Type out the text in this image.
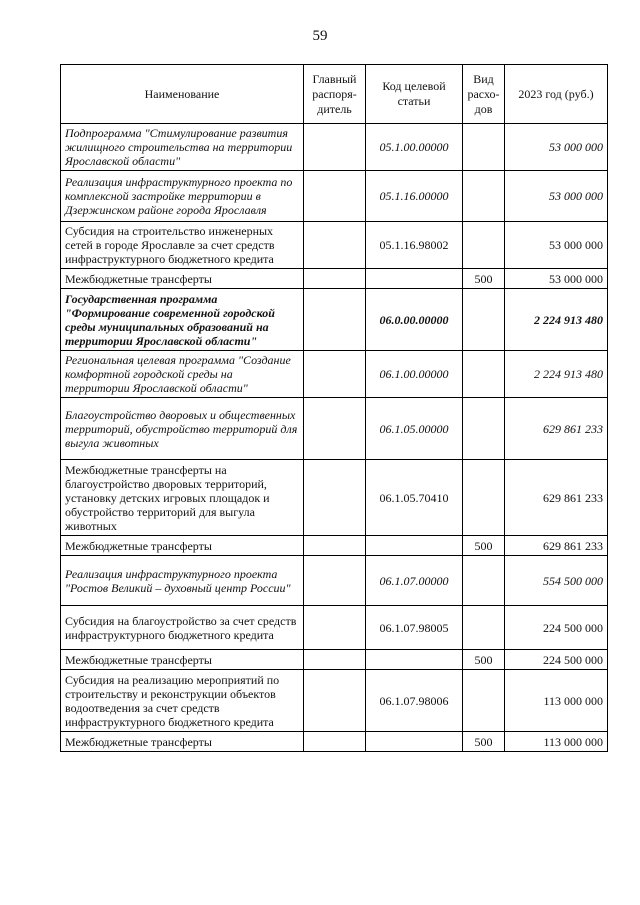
59
Наименование	Главный распоря-дитель	Код целевой статьи	Вид расхо-дов	2023 год (руб.)
Подпрограмма "Стимулирование развития жилищного строительства на территории Ярославской области"		05.1.00.00000		53 000 000
Реализация инфраструктурного проекта по комплексной застройке территории в Дзержинском районе города Ярославля		05.1.16.00000		53 000 000
Субсидия на строительство инженерных сетей в городе Ярославле за счет средств инфраструктурного бюджетного кредита		05.1.16.98002		53 000 000
Межбюджетные трансферты			500	53 000 000
Государственная программа "Формирование современной городской среды муниципальных образований на территории Ярославской области"		06.0.00.00000		2 224 913 480
Региональная целевая программа "Создание комфортной городской среды на территории Ярославской области"		06.1.00.00000		2 224 913 480
Благоустройство дворовых и общественных территорий, обустройство территорий для выгула животных		06.1.05.00000		629 861 233
Межбюджетные трансферты на благоустройство дворовых территорий, установку детских игровых площадок и обустройство территорий для выгула животных		06.1.05.70410		629 861 233
Межбюджетные трансферты			500	629 861 233
Реализация инфраструктурного проекта "Ростов Великий – духовный центр России"		06.1.07.00000		554 500 000
Субсидия на благоустройство за счет средств инфраструктурного бюджетного кредита		06.1.07.98005		224 500 000
Межбюджетные трансферты			500	224 500 000
Субсидия на реализацию мероприятий по строительству и реконструкции объектов водоотведения за счет средств инфраструктурного бюджетного кредита		06.1.07.98006		113 000 000
Межбюджетные трансферты			500	113 000 000
